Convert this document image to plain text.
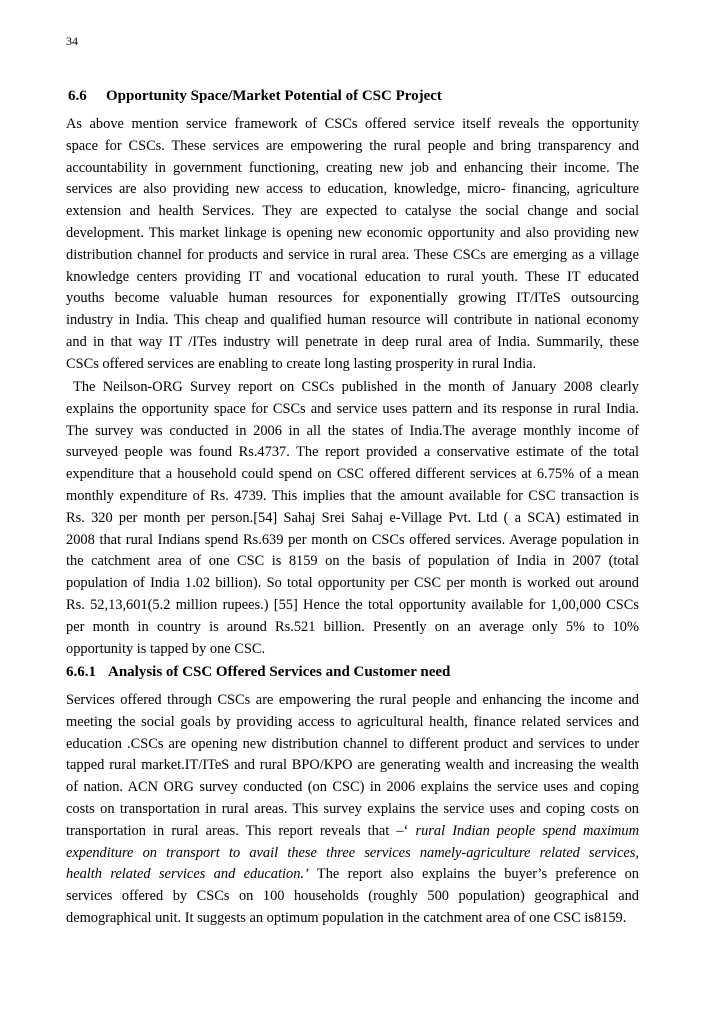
34
6.6 Opportunity Space/Market Potential of CSC Project
As above mention service framework of CSCs offered service itself reveals the opportunity
space for CSCs. These services are empowering the rural people and bring transparency and
accountability in government functioning, creating new job and enhancing their income. The
services are also providing new access to education, knowledge, micro- financing, agriculture
extension and health Services. They are expected to catalyse the social change and social
development. This market linkage is opening new economic opportunity and also providing new
distribution channel for products and service in rural area. These CSCs are emerging as a village
knowledge centers providing IT and vocational education to rural youth. These IT educated
youths become valuable human resources for exponentially growing IT/ITeS outsourcing
industry in India. This cheap and qualified human resource will contribute in national economy
and in that way IT /ITes industry will penetrate in deep rural area of India. Summarily, these
CSCs offered services are enabling to create long lasting prosperity in rural India.
The Neilson-ORG Survey report on CSCs published in the month of January 2008 clearly
explains the opportunity space for CSCs and service uses pattern and its response in rural India.
The survey was conducted in 2006 in all the states of India.The average monthly income of
surveyed people was found Rs.4737. The report provided a conservative estimate of the total
expenditure that a household could spend on CSC offered different services at 6.75% of a mean
monthly expenditure of Rs. 4739. This implies that the amount available for CSC transaction is
Rs. 320 per month per person.[54] Sahaj Srei Sahaj e-Village Pvt. Ltd ( a SCA) estimated in
2008 that rural Indians spend Rs.639 per month on CSCs offered services. Average population in
the catchment area of one CSC is 8159 on the basis of population of India in 2007 (total
population of India 1.02 billion). So total opportunity per CSC per month is worked out around
Rs. 52,13,601(5.2 million rupees.) [55] Hence the total opportunity available for 1,00,000 CSCs
per month in country is around Rs.521 billion. Presently on an average only 5% to 10%
opportunity is tapped by one CSC.
6.6.1 Analysis of CSC Offered Services and Customer need
Services offered through CSCs are empowering the rural people and enhancing the income and
meeting the social goals by providing access to agricultural health, finance related services and
education .CSCs are opening new distribution channel to different product and services to under
tapped rural market.IT/ITeS and rural BPO/KPO are generating wealth and increasing the wealth
of nation. ACN ORG survey conducted (on CSC) in 2006 explains the service uses and coping
costs on transportation in rural areas. This survey explains the service uses and coping costs on
transportation in rural areas. This report reveals that –‘ rural Indian people spend maximum
expenditure on transport to avail these three services namely-agriculture related services,
health related services and education.’ The report also explains the buyer’s preference on
services offered by CSCs on 100 households (roughly 500 population) geographical and
demographical unit. It suggests an optimum population in the catchment area of one CSC is8159.
